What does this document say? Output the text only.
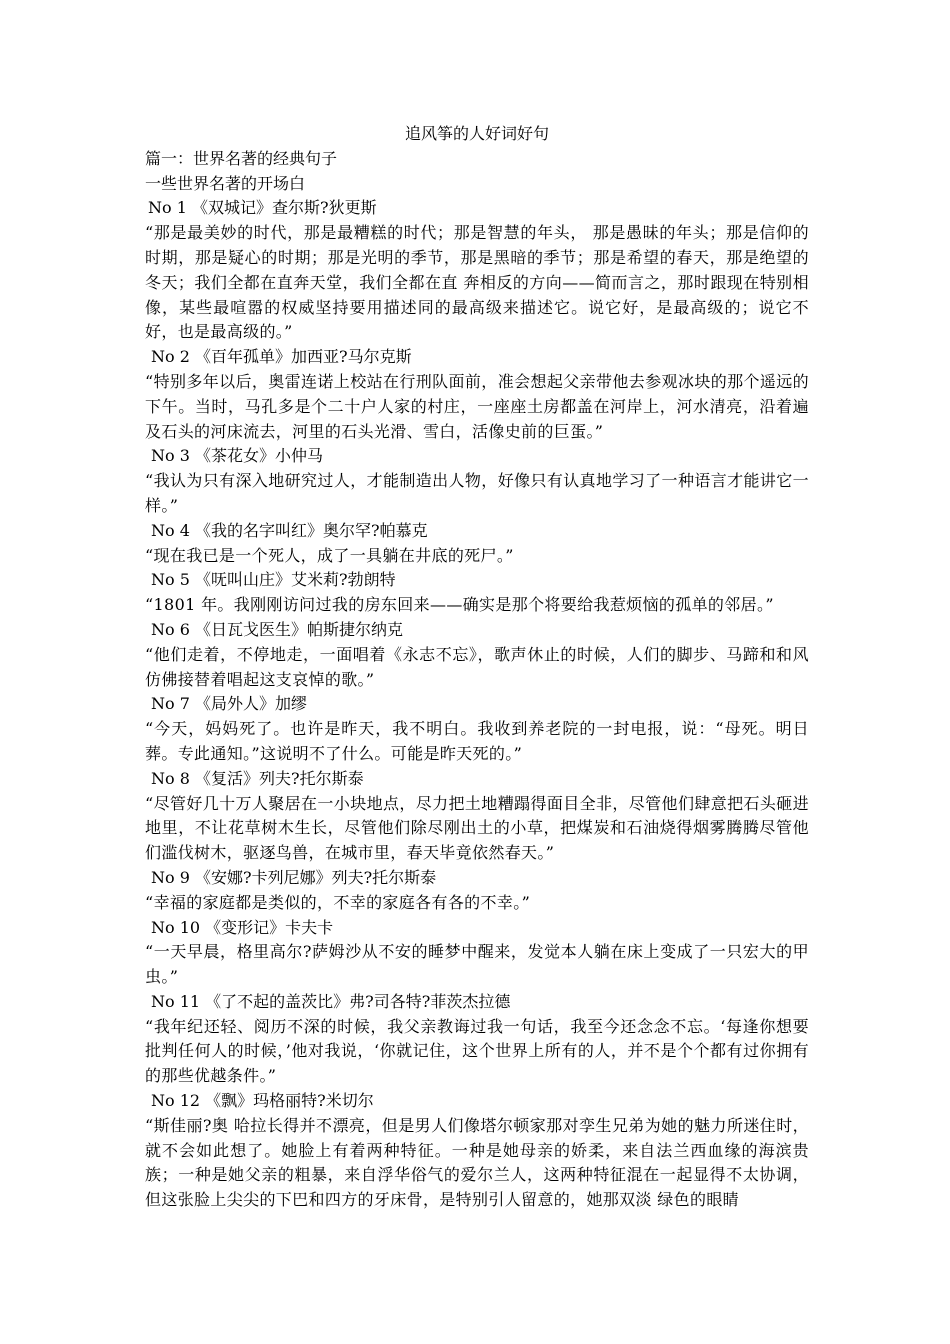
追风筝的人好词好句

篇一：世界名著的经典句子

一些世界名著的开场白

No 1 《双城记》查尔斯?狄更斯

“那是最美妙的时代，那是最糟糕的时代；那是智慧的年头， 那是愚昧的年头；那是信仰的时期，那是疑心的时期；那是光明的季节，那是黑暗的季节；那是希望的春天，那是绝望的冬天；我们全都在直奔天堂，我们全都在直 奔相反的方向——简而言之，那时跟现在特别相像，某些最喧嚣的权威坚持要用描述同的最高级来描述它。说它好，是最高级的；说它不好，也是最高级的。”

No 2 《百年孤单》加西亚?马尔克斯

“特别多年以后，奥雷连诺上校站在行刑队面前，准会想起父亲带他去参观冰块的那个遥远的下午。当时，马孔多是个二十户人家的村庄，一座座土房都盖在河岸上，河水清亮，沿着遍及石头的河床流去，河里的石头光滑、雪白，活像史前的巨蛋。”

No 3 《茶花女》小仲马

“我认为只有深入地研究过人，才能制造出人物，好像只有认真地学习了一种语言才能讲它一样。”

No 4 《我的名字叫红》奥尔罕?帕慕克

“现在我已是一个死人，成了一具躺在井底的死尸。”

No 5 《呒叫山庄》艾米莉?勃朗特

“1801 年。我刚刚访问过我的房东回来——确实是那个将要给我惹烦恼的孤单的邻居。”

No 6 《日瓦戈医生》帕斯捷尔纳克

“他们走着，不停地走，一面唱着《永志不忘》，歌声休止的时候，人们的脚步、马蹄和和风仿佛接替着唱起这支哀悼的歌。”

No 7 《局外人》加缪

“今天，妈妈死了。也许是昨天，我不明白。我收到养老院的一封电报，说：“母死。明日葬。专此通知。”这说明不了什么。可能是昨天死的。”

No 8 《复活》列夫?托尔斯泰

“尽管好几十万人聚居在一小块地点，尽力把土地糟蹋得面目全非，尽管他们肆意把石头砸进地里，不让花草树木生长，尽管他们除尽刚出土的小草，把煤炭和石油烧得烟雾腾腾尽管他们滥伐树木，驱逐鸟兽，在城市里，春天毕竟依然春天。”

No 9 《安娜?卡列尼娜》列夫?托尔斯泰

“幸福的家庭都是类似的，不幸的家庭各有各的不幸。”

No 10 《变形记》卡夫卡

“一天早晨，格里高尔?萨姆沙从不安的睡梦中醒来，发觉本人躺在床上变成了一只宏大的甲虫。”

No 11 《了不起的盖茨比》弗?司各特?菲茨杰拉德

“我年纪还轻、阅历不深的时候，我父亲教诲过我一句话，我至今还念念不忘。‘每逢你想要批判任何人的时候，’他对我说，‘你就记住，这个世界上所有的人，并不是个个都有过你拥有的那些优越条件。”

No 12 《飘》玛格丽特?米切尔

“斯佳丽?奥 哈拉长得并不漂亮，但是男人们像塔尔顿家那对孪生兄弟为她的魅力所迷住时，就不会如此想了。她脸上有着两种特征。一种是她母亲的娇柔，来自法兰西血缘的海滨贵族；一种是她父亲的粗暴，来自浮华俗气的爱尔兰人，这两种特征混在一起显得不太协调，但这张脸上尖尖的下巴和四方的牙床骨，是特别引人留意的，她那双淡 绿色的眼睛
